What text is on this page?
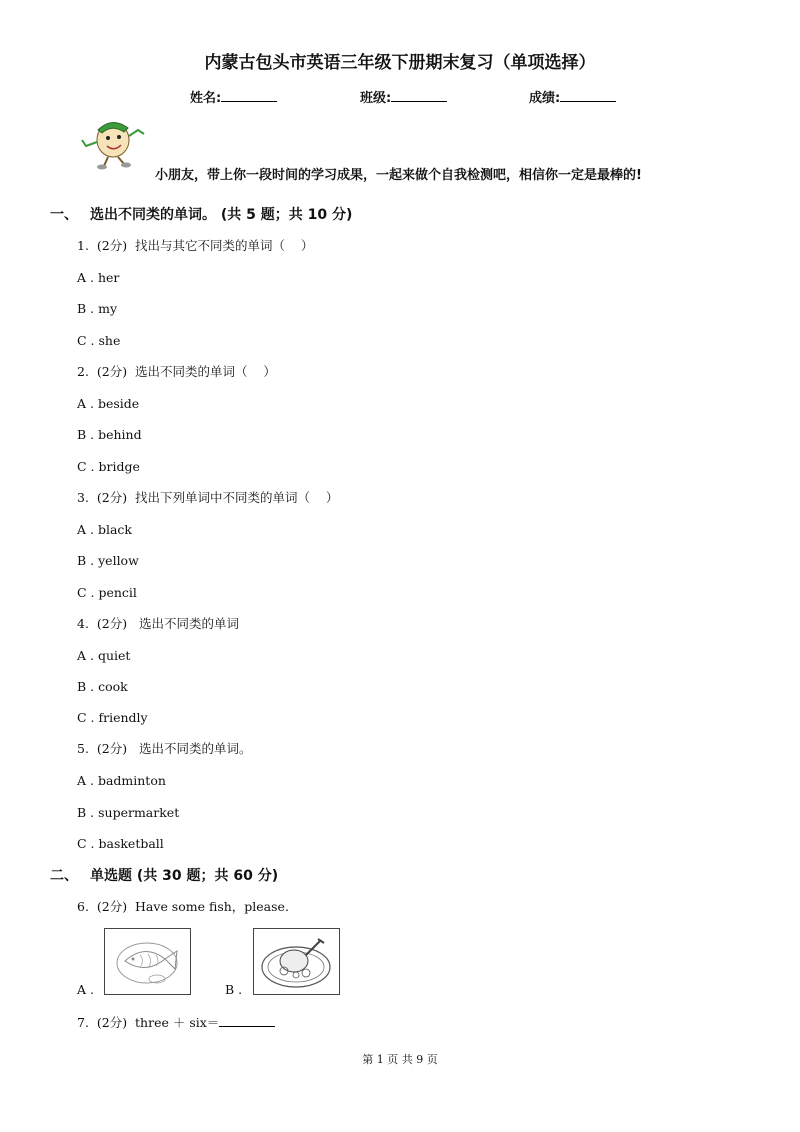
内蒙古包头市英语三年级下册期末复习（单项选择）
姓名:	班级:	成绩:
小朋友，带上你一段时间的学习成果，一起来做个自我检测吧，相信你一定是最棒的!
一、 选出不同类的单词。 (共 5 题；共 10 分)
1.  (2分)  找出与其它不同类的单词（    ）
A . her
B . my
C . she
2.  (2分)  选出不同类的单词（    ）
A . beside
B . behind
C . bridge
3.  (2分)  找出下列单词中不同类的单词（    ）
A . black
B . yellow
C . pencil
4.  (2分)   选出不同类的单词
A . quiet
B . cook
C . friendly
5.  (2分)   选出不同类的单词。
A . badminton
B . supermarket
C . basketball
二、 单选题 (共 30 题；共 60 分)
6.  (2分)  Have some fish，please.
A .	B .
7.  (2分)  three ＋ six＝
第 1 页 共 9 页
